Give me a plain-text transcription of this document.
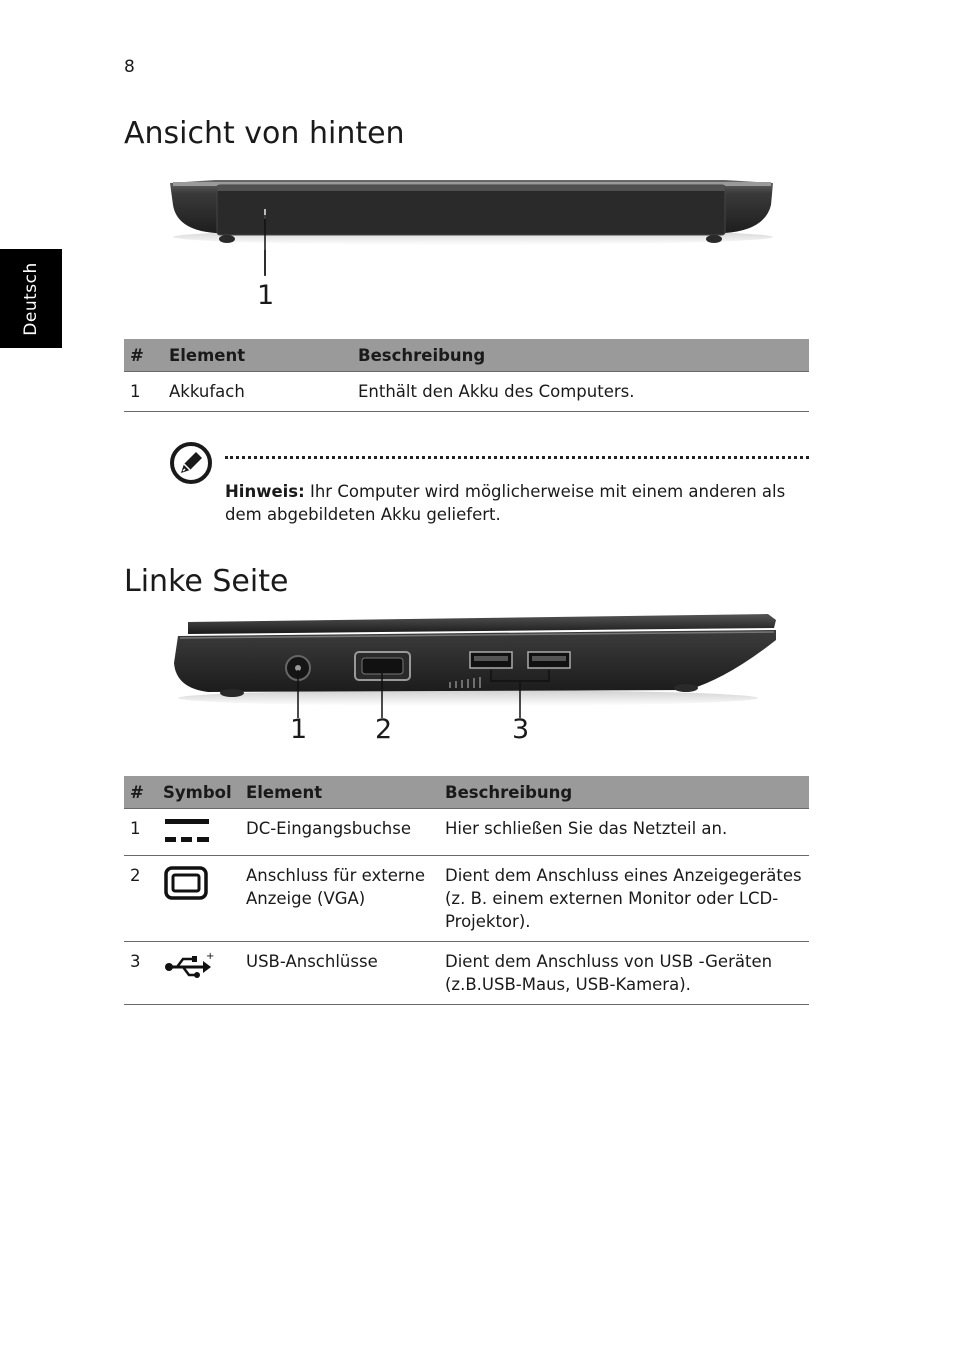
8
Deutsch
Ansicht von hinten
1
#	Element	Beschreibung
1	Akkufach	Enthält den Akku des Computers.
Hinweis: Ihr Computer wird möglicherweise mit einem anderen als dem abgebildeten Akku geliefert.
Linke Seite
1	2	3
#	Symbol	Element	Beschreibung
1		DC-Eingangsbuchse	Hier schließen Sie das Netzteil an.
2		Anschluss für externe Anzeige (VGA)	Dient dem Anschluss eines Anzeigegerätes (z. B. einem externen Monitor oder LCD-Projektor).
3	+	USB-Anschlüsse	Dient dem Anschluss von USB -Geräten (z.B.USB-Maus, USB-Kamera).
